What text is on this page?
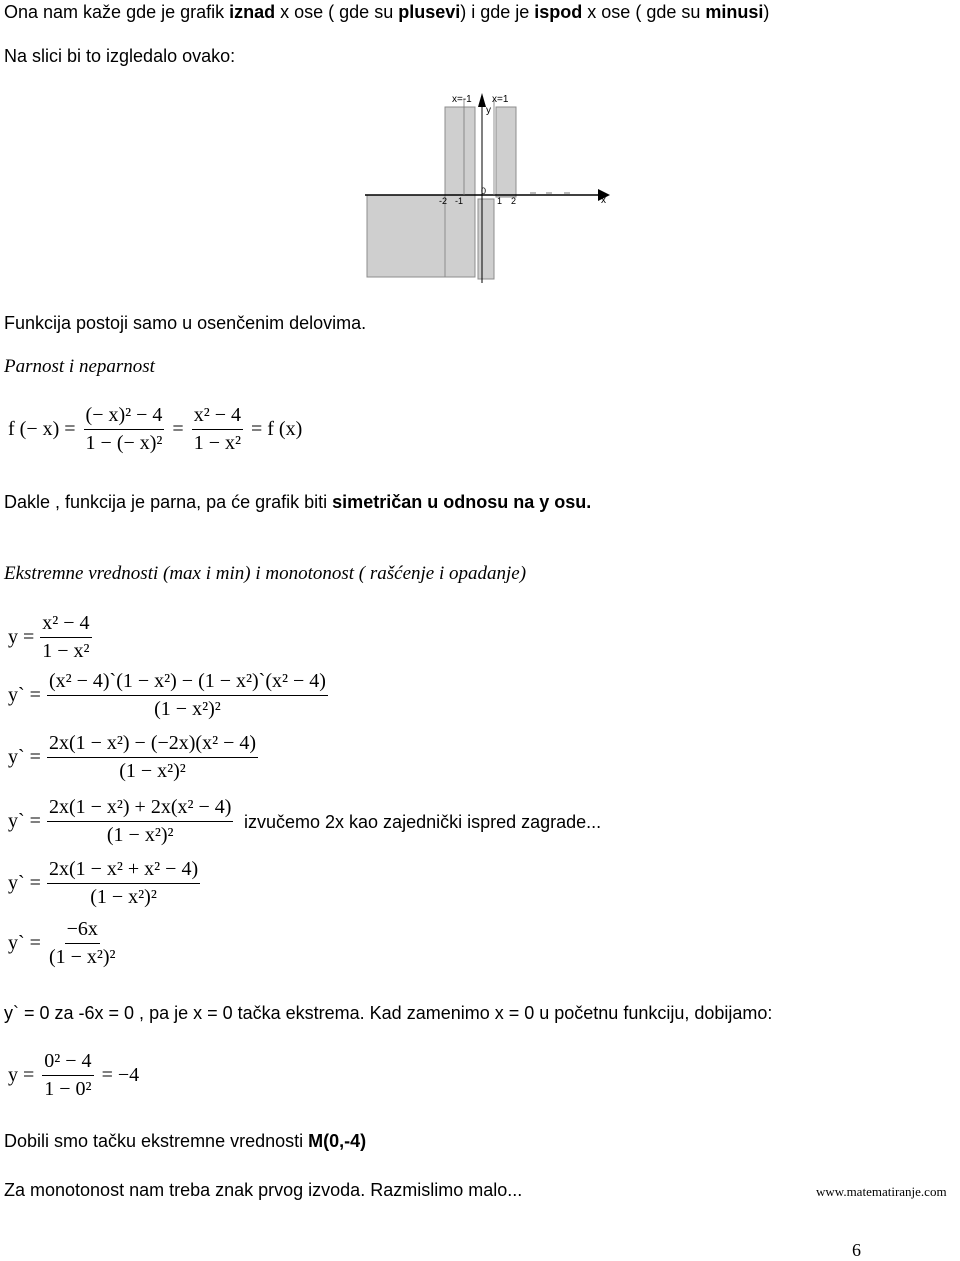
Ona nam kaže gde je grafik iznad x ose ( gde su plusevi) i gde je ispod x ose ( gde su minusi)
Na slici bi to izgledalo ovako:
x=-1 x=1
y
0
-2 -1	1 2	x
Funkcija postoji samo u osenčenim delovima.
Parnost i neparnost
f (− $x) = \frac{\text{(− x)² − 4}}{\text{1 − (− x)²}} = \frac{\text{x² − 4}}{\text{1 − x²}} = f$ (x)
Dakle , funkcija je parna, pa će grafik biti simetričan u odnosu na y osu.
Ekstremne vrednosti (max i min) i monotonost ( rašćenje i opadanje)
$y = \frac{\text{x² − 4}}{\text{1 − x²}}$
y` = $\frac{\text{(x² − 4)`(1 − x²) − (1 − x²)`(x² − 4)}}{\text{(1 − x²)²}}$
y` = $\frac{\text{2x(1 − x²) − (−2x)(x² − 4)}}{\text{(1 − x²)²}}$
y` = $\frac{\text{2x(1 − x²) + 2x(x² − 4)}}{\text{(1 − x²)²}}$ izvučemo 2x kao zajednički ispred zagrade...
y` = $\frac{\text{2x(1 − x² + x² − 4)}}{\text{(1 − x²)²}}$
y` = $\frac{-6x}{\text{(1 − x²)²}}$
y` = 0 za -6x = 0 , pa je x = 0 tačka ekstrema. Kad zamenimo x = 0 u početnu funkciju, dobijamo:
$y = \frac{\text{0² − 4}}{\text{1 − 0²}} = -4$
Dobili smo tačku ekstremne vrednosti M(0,-4)
Za monotonost nam treba znak prvog izvoda. Razmislimo malo...	www.matematiranje.com
6
